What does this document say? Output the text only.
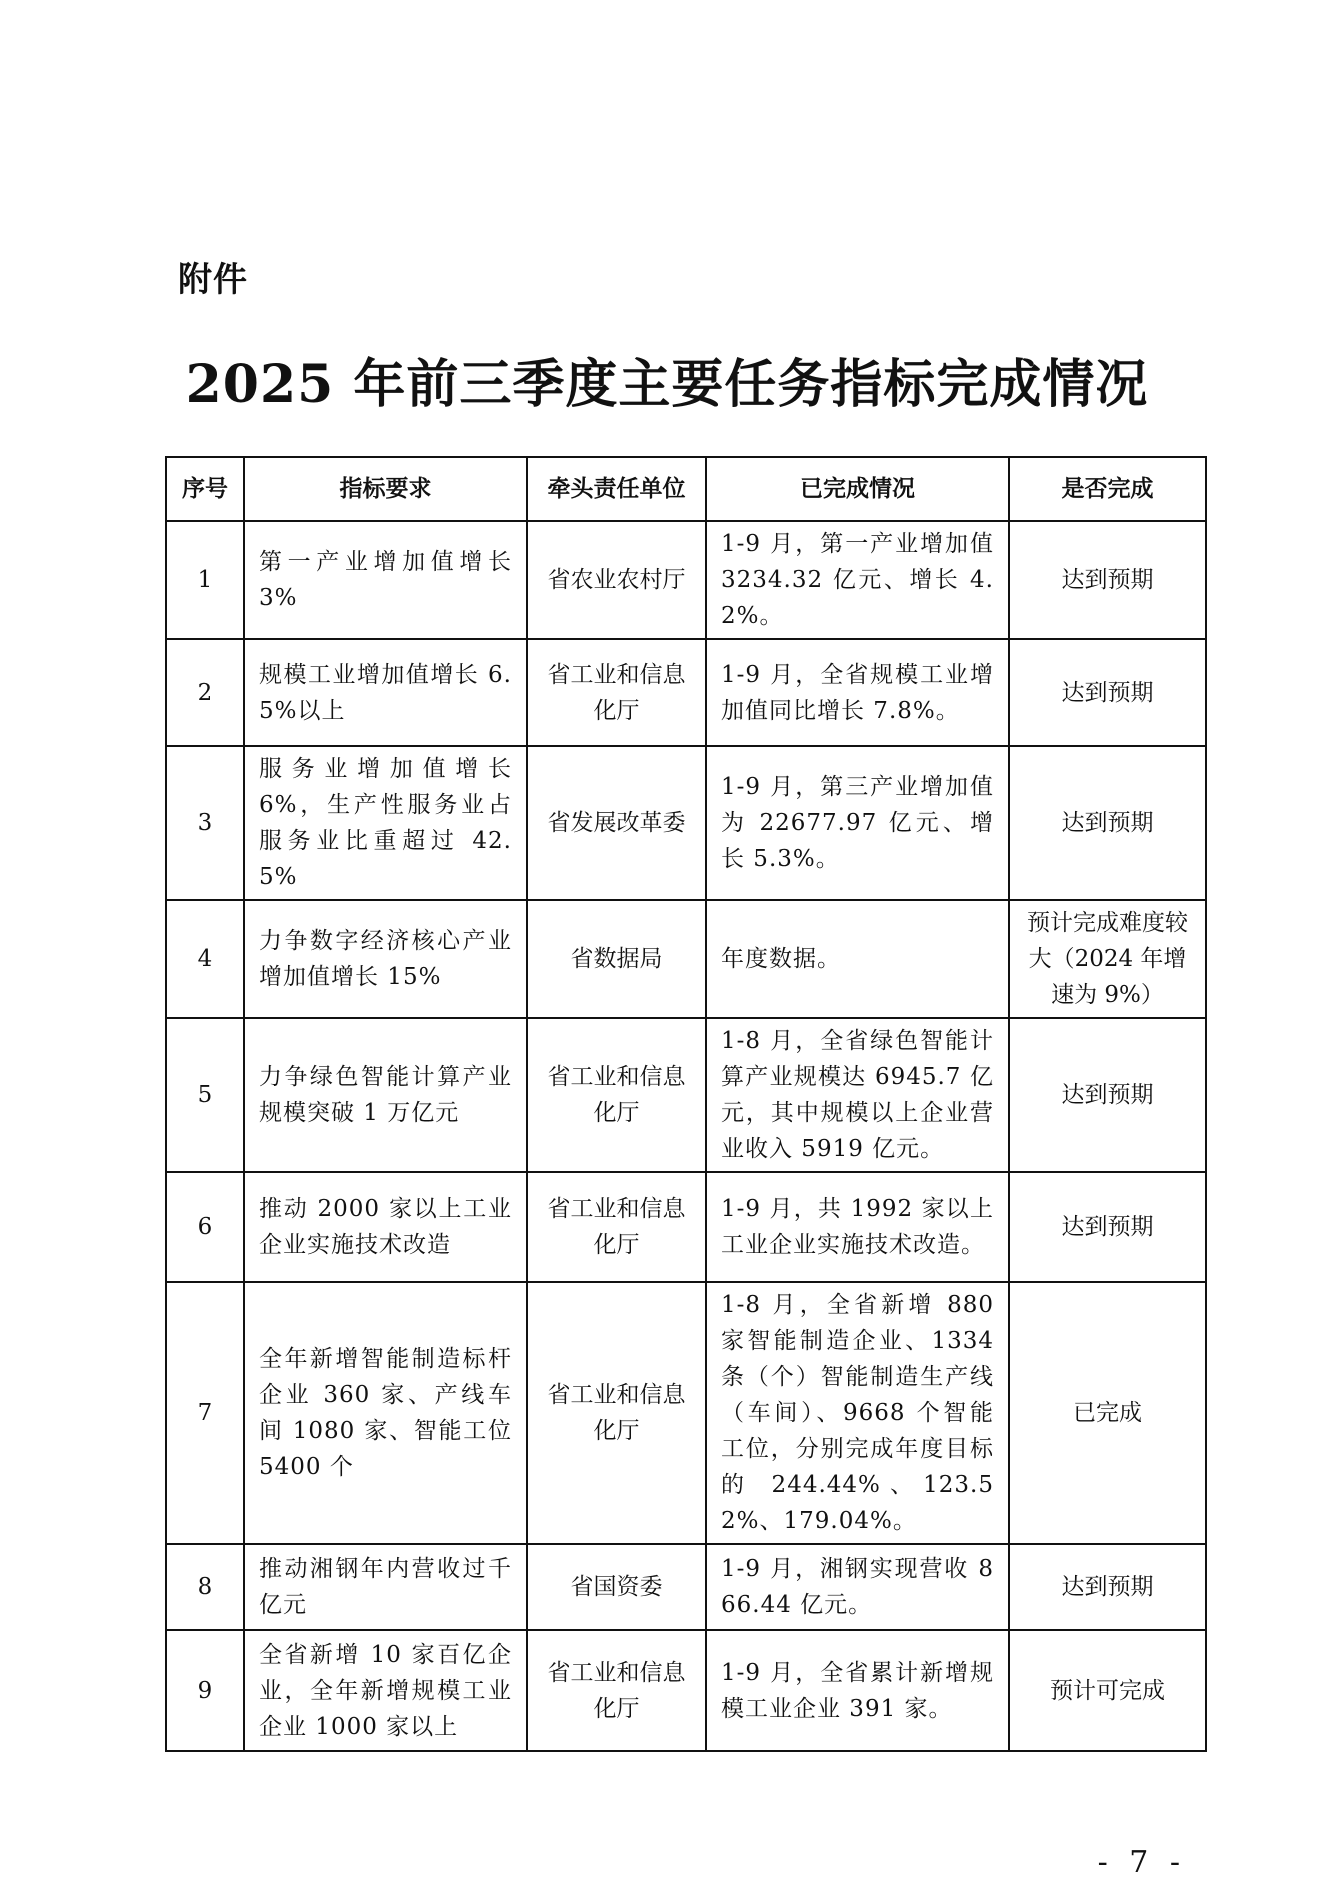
附件
2025 年前三季度主要任务指标完成情况
序号	指标要求	牵头责任单位	已完成情况	是否完成
1	第一产业增加值增长 3%	省农业农村厅	1-9 月，第一产业增加值 3234.32 亿元、增长 4.2%。	达到预期
2	规模工业增加值增长 6.5%以上	省工业和信息化厅	1-9 月，全省规模工业增加值同比增长 7.8%。	达到预期
3	服务业增加值增长 6%，生产性服务业占服务业比重超过 42.5%	省发展改革委	1-9 月，第三产业增加值为 22677.97 亿元、增长 5.3%。	达到预期
4	力争数字经济核心产业增加值增长 15%	省数据局	年度数据。	预计完成难度较大（2024 年增速为 9%）
5	力争绿色智能计算产业规模突破 1 万亿元	省工业和信息化厅	1-8 月，全省绿色智能计算产业规模达 6945.7 亿元，其中规模以上企业营业收入 5919 亿元。	达到预期
6	推动 2000 家以上工业企业实施技术改造	省工业和信息化厅	1-9 月，共 1992 家以上工业企业实施技术改造。	达到预期
7	全年新增智能制造标杆企业 360 家、产线车间 1080 家、智能工位 5400 个	省工业和信息化厅	1-8 月，全省新增 880 家智能制造企业、1334 条（个）智能制造生产线（车间）、9668 个智能工位，分别完成年度目标的 244.44%、123.52%、179.04%。	已完成
8	推动湘钢年内营收过千亿元	省国资委	1-9 月，湘钢实现营收 866.44 亿元。	达到预期
9	全省新增 10 家百亿企业，全年新增规模工业企业 1000 家以上	省工业和信息化厅	1-9 月，全省累计新增规模工业企业 391 家。	预计可完成
- 7 -
